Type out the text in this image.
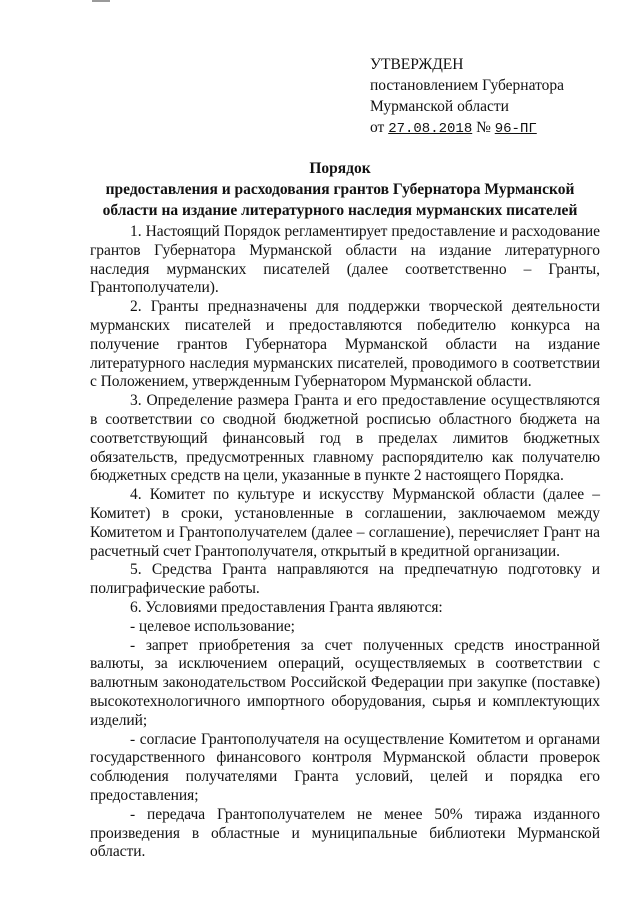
УТВЕРЖДЕН
постановлением Губернатора
Мурманской области
от 27.08.2018 № 96-ПГ
Порядок
предоставления и расходования грантов Губернатора Мурманской
области на издание литературного наследия мурманских писателей

1. Настоящий Порядок регламентирует предоставление и расходование грантов Губернатора Мурманской области на издание литературного наследия мурманских писателей (далее соответственно – Гранты, Грантополучатели).

2. Гранты предназначены для поддержки творческой деятельности мурманских писателей и предоставляются победителю конкурса на получение грантов Губернатора Мурманской области на издание литературного наследия мурманских писателей, проводимого в соответствии с Положением, утвержденным Губернатором Мурманской области.

3. Определение размера Гранта и его предоставление осуществляются в соответствии со сводной бюджетной росписью областного бюджета на соответствующий финансовый год в пределах лимитов бюджетных обязательств, предусмотренных главному распорядителю как получателю бюджетных средств на цели, указанные в пункте 2 настоящего Порядка.

4. Комитет по культуре и искусству Мурманской области (далее – Комитет) в сроки, установленные в соглашении, заключаемом между Комитетом и Грантополучателем (далее – соглашение), перечисляет Грант на расчетный счет Грантополучателя, открытый в кредитной организации.

5. Средства Гранта направляются на предпечатную подготовку и полиграфические работы.

6. Условиями предоставления Гранта являются:

- целевое использование;

- запрет приобретения за счет полученных средств иностранной валюты, за исключением операций, осуществляемых в соответствии с валютным законодательством Российской Федерации при закупке (поставке) высокотехнологичного импортного оборудования, сырья и комплектующих изделий;

- согласие Грантополучателя на осуществление Комитетом и органами государственного финансового контроля Мурманской области проверок соблюдения получателями Гранта условий, целей и порядка его предоставления;

- передача Грантополучателем не менее 50% тиража изданного произведения в областные и муниципальные библиотеки Мурманской области.
